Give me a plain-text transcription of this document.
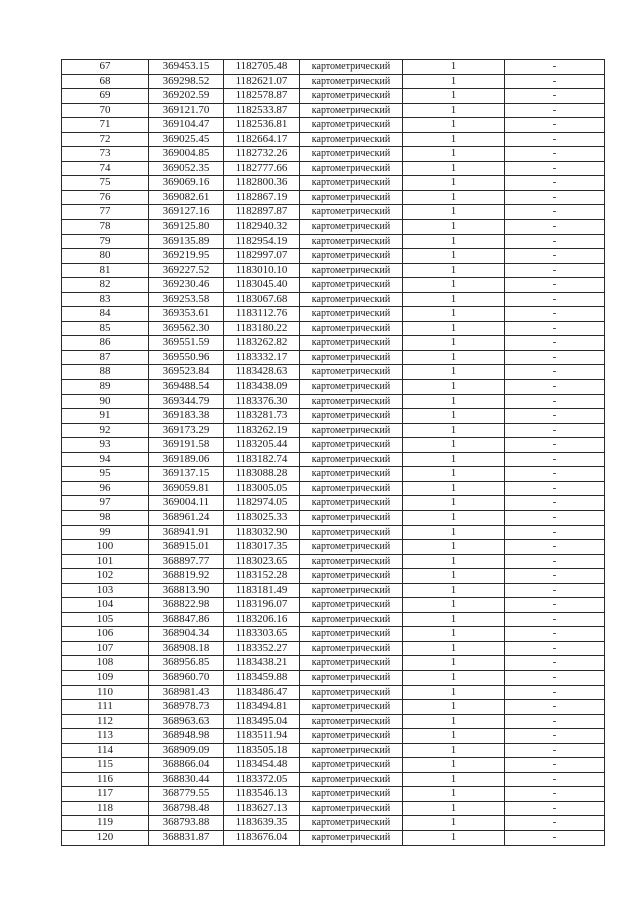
67	369453.15	1182705.48	картометрический	1	-
68	369298.52	1182621.07	картометрический	1	-
69	369202.59	1182578.87	картометрический	1	-
70	369121.70	1182533.87	картометрический	1	-
71	369104.47	1182536.81	картометрический	1	-
72	369025.45	1182664.17	картометрический	1	-
73	369004.85	1182732.26	картометрический	1	-
74	369052.35	1182777.66	картометрический	1	-
75	369069.16	1182800.36	картометрический	1	-
76	369082.61	1182867.19	картометрический	1	-
77	369127.16	1182897.87	картометрический	1	-
78	369125.80	1182940.32	картометрический	1	-
79	369135.89	1182954.19	картометрический	1	-
80	369219.95	1182997.07	картометрический	1	-
81	369227.52	1183010.10	картометрический	1	-
82	369230.46	1183045.40	картометрический	1	-
83	369253.58	1183067.68	картометрический	1	-
84	369353.61	1183112.76	картометрический	1	-
85	369562.30	1183180.22	картометрический	1	-
86	369551.59	1183262.82	картометрический	1	-
87	369550.96	1183332.17	картометрический	1	-
88	369523.84	1183428.63	картометрический	1	-
89	369488.54	1183438.09	картометрический	1	-
90	369344.79	1183376.30	картометрический	1	-
91	369183.38	1183281.73	картометрический	1	-
92	369173.29	1183262.19	картометрический	1	-
93	369191.58	1183205.44	картометрический	1	-
94	369189.06	1183182.74	картометрический	1	-
95	369137.15	1183088.28	картометрический	1	-
96	369059.81	1183005.05	картометрический	1	-
97	369004.11	1182974.05	картометрический	1	-
98	368961.24	1183025.33	картометрический	1	-
99	368941.91	1183032.90	картометрический	1	-
100	368915.01	1183017.35	картометрический	1	-
101	368897.77	1183023.65	картометрический	1	-
102	368819.92	1183152.28	картометрический	1	-
103	368813.90	1183181.49	картометрический	1	-
104	368822.98	1183196.07	картометрический	1	-
105	368847.86	1183206.16	картометрический	1	-
106	368904.34	1183303.65	картометрический	1	-
107	368908.18	1183352.27	картометрический	1	-
108	368956.85	1183438.21	картометрический	1	-
109	368960.70	1183459.88	картометрический	1	-
110	368981.43	1183486.47	картометрический	1	-
111	368978.73	1183494.81	картометрический	1	-
112	368963.63	1183495.04	картометрический	1	-
113	368948.98	1183511.94	картометрический	1	-
114	368909.09	1183505.18	картометрический	1	-
115	368866.04	1183454.48	картометрический	1	-
116	368830.44	1183372.05	картометрический	1	-
117	368779.55	1183546.13	картометрический	1	-
118	368798.48	1183627.13	картометрический	1	-
119	368793.88	1183639.35	картометрический	1	-
120	368831.87	1183676.04	картометрический	1	-
